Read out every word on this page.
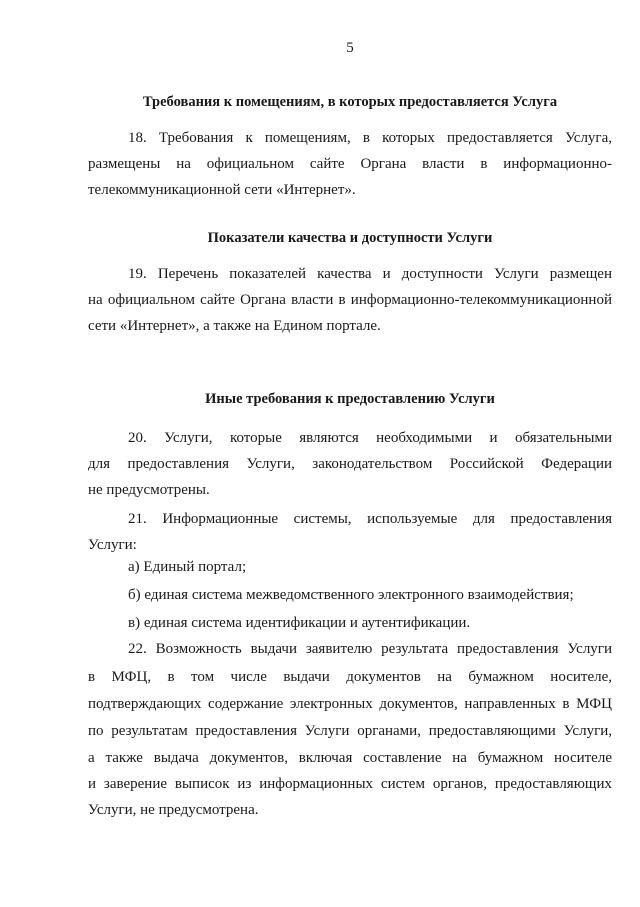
5
Требования к помещениям, в которых предоставляется Услуга
18. Требования к помещениям, в которых предоставляется Услуга,
размещены на официальном сайте Органа власти в информационно-
телекоммуникационной сети «Интернет».
Показатели качества и доступности Услуги
19. Перечень показателей качества и доступности Услуги размещен
на официальном сайте Органа власти в информационно-телекоммуникационной
сети «Интернет», а также на Едином портале.
Иные требования к предоставлению Услуги
20. Услуги, которые являются необходимыми и обязательными
для предоставления Услуги, законодательством Российской Федерации
не предусмотрены.
21. Информационные системы, используемые для предоставления
Услуги:
а) Единый портал;
б) единая система межведомственного электронного взаимодействия;
в) единая система идентификации и аутентификации.
22. Возможность выдачи заявителю результата предоставления Услуги
в МФЦ, в том числе выдачи документов на бумажном носителе,
подтверждающих содержание электронных документов, направленных в МФЦ
по результатам предоставления Услуги органами, предоставляющими Услуги,
а также выдача документов, включая составление на бумажном носителе
и заверение выписок из информационных систем органов, предоставляющих
Услуги, не предусмотрена.
